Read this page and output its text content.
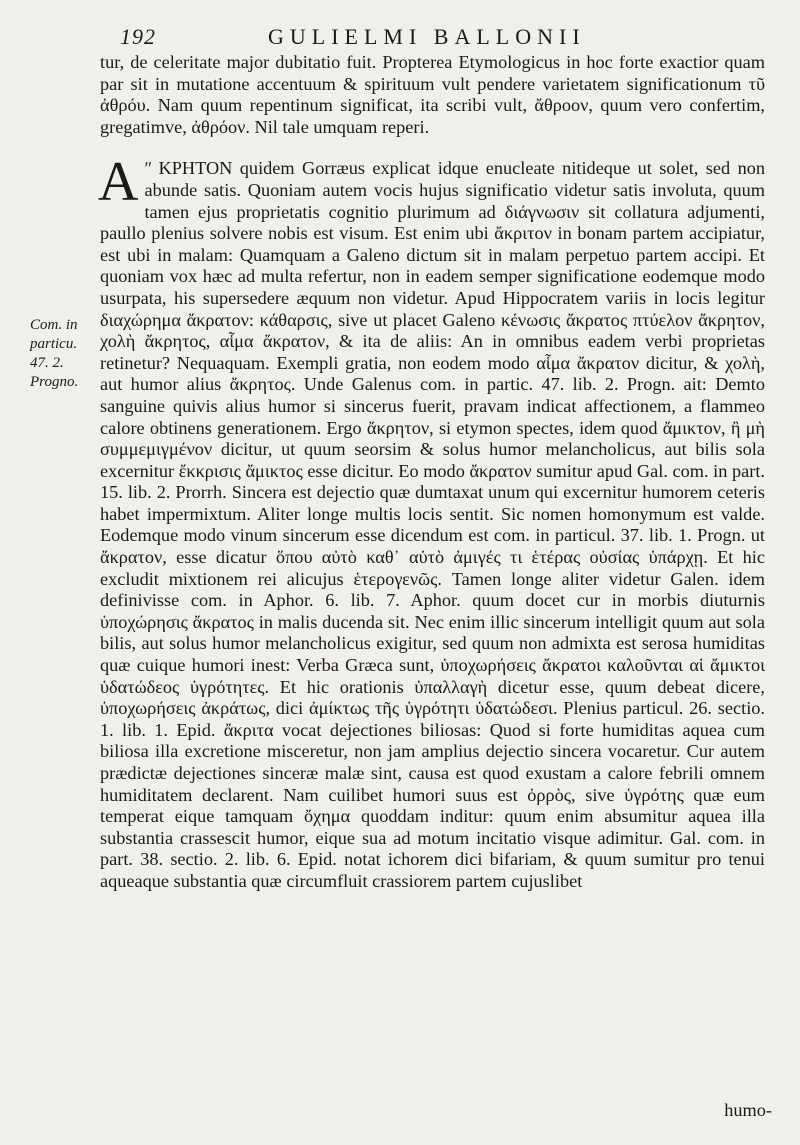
192	GULIELMI BALLONII
Com. in
particu.
47. 2.
Progno.

tur, de celeritate major dubitatio fuit. Propterea Etymologicus in hoc forte exactior quam par sit in mutatione accentuum & spirituum vult pendere varietatem significationum τῦ ἀθρόυ. Nam quum repentinum significat, ita scribi vult, ἄθροον, quum vero confertim, gregatimve, ἀθρόον. Nil tale umquam reperi.

A ʺ ΚΡΗΤΟΝ quidem Gorræus explicat idque enucleate nitideque ut solet, sed non abunde satis. Quoniam autem vocis hujus significatio videtur satis involuta, quum tamen ejus proprietatis cognitio plurimum ad διάγνωσιν sit collatura adjumenti, paullo plenius solvere nobis est visum. Est enim ubi ἄκριτον in bonam partem accipiatur, est ubi in malam: Quamquam a Galeno dictum sit in malam perpetuo partem accipi. Et quoniam vox hæc ad multa refertur, non in eadem semper significatione eodemque modo usurpata, his supersedere æquum non videtur. Apud Hippocratem variis in locis legitur διαχώρημα ἄκρατον: κάθαρσις, sive ut placet Galeno κένωσις ἄκρατος πτύελον ἄκρητον, χολὴ ἄκρητος, αἷμα ἄκρατον, & ita de aliis: An in omnibus eadem verbi proprietas retinetur? Nequaquam. Exempli gratia, non eodem modo αἷμα ἄκρατον dicitur, & χολὴ, aut humor alius ἄκρητος. Unde Galenus com. in partic. 47. lib. 2. Progn. ait: Demto sanguine quivis alius humor si sincerus fuerit, pravam indicat affectionem, a flammeo calore obtinens generationem. Ergo ἄκρητον, si etymon spectes, idem quod ἄμικτον, ἢ μὴ συμμεμιγμένον dicitur, ut quum seorsim & solus humor melancholicus, aut bilis sola excernitur ἔκκρισις ἄμικτος esse dicitur. Eo modo ἄκρατον sumitur apud Gal. com. in part. 15. lib. 2. Prorrh. Sincera est dejectio quæ dumtaxat unum qui excernitur humorem ceteris habet impermixtum. Aliter longe multis locis sentit. Sic nomen homonymum est valde. Eodemque modo vinum sincerum esse dicendum est com. in particul. 37. lib. 1. Progn. ut ἄκρατον, esse dicatur ὅπου αὐτὸ καθ᾽ αὑτὸ ἀμιγές τι ἑτέρας οὐσίας ὑπάρχῃ. Et hic excludit mixtionem rei alicujus ἑτερογενῶς. Tamen longe aliter videtur Galen. idem definivisse com. in Aphor. 6. lib. 7. Aphor. quum docet cur in morbis diuturnis ὑποχώρησις ἄκρατος in malis ducenda sit. Nec enim illic sincerum intelligit quum aut sola bilis, aut solus humor melancholicus exigitur, sed quum non admixta est serosa humiditas quæ cuique humori inest: Verba Græca sunt, ὑποχωρήσεις ἄκρατοι καλοῦνται αἱ ἄμικτοι ὑδατώδεος ὑγρότητες. Et hic orationis ὑπαλλαγὴ dicetur esse, quum debeat dicere, ὑποχωρήσεις ἀκράτως, dici ἀμίκτως τῆς ὑγρότητι ὑδατώδεσι. Plenius particul. 26. sectio. 1. lib. 1. Epid. ἄκριτα vocat dejectiones biliosas: Quod si forte humiditas aquea cum biliosa illa excretione misceretur, non jam amplius dejectio sincera vocaretur. Cur autem prædictæ dejectiones sinceræ malæ sint, causa est quod exustam a calore febrili omnem humiditatem declarent. Nam cuilibet humori suus est ὀρρὸς, sive ὑγρότης quæ eum temperat eique tamquam ὄχημα quoddam inditur: quum enim absumitur aquea illa substantia crassescit humor, eique sua ad motum incitatio visque adimitur. Gal. com. in part. 38. sectio. 2. lib. 6. Epid. notat ichorem dici bifariam, & quum sumitur pro tenui aqueaque substantia quæ circumfluit crassiorem partem cujuslibet

humo-
